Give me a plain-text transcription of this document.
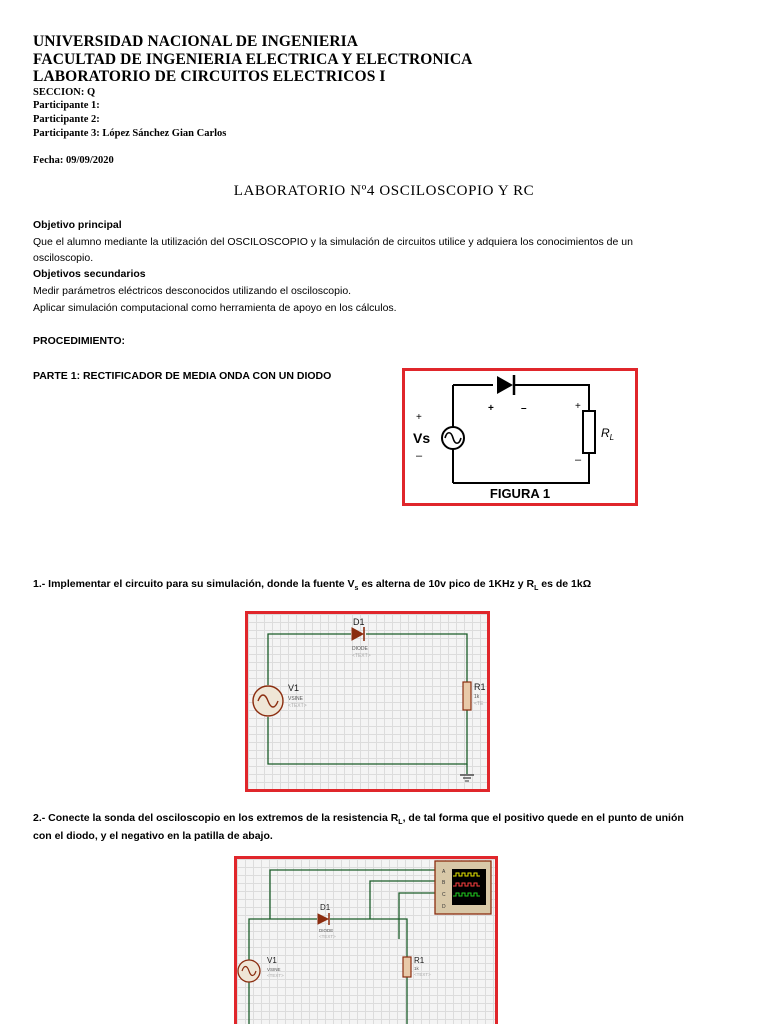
UNIVERSIDAD NACIONAL DE INGENIERIA
FACULTAD DE INGENIERIA ELECTRICA Y ELECTRONICA
LABORATORIO DE CIRCUITOS ELECTRICOS I
SECCION: Q
Participante 1:
Participante 2:
Participante 3: López Sánchez Gian Carlos
Fecha: 09/09/2020
LABORATORIO Nº4 OSCILOSCOPIO Y RC
Objetivo principal
Que el alumno mediante la utilización del OSCILOSCOPIO y la simulación de circuitos utilice y adquiera los conocimientos de un
osciloscopio.
Objetivos secundarios
Medir parámetros eléctricos desconocidos utilizando el osciloscopio.
Aplicar simulación computacional como herramienta de apoyo en los cálculos.
PROCEDIMIENTO:
PARTE 1: RECTIFICADOR DE MEDIA ONDA CON UN DIODO
+
Vs
–
+	–	+
–
$R_L$
FIGURA 1
1.- Implementar el circuito para su simulación, donde la fuente $V_s$ es alterna de 10v pico de 1KHz y $R_L$ es de 1kΩ
D1
DIODE
<TEXT>
V1
VSINE
<TEXT>
R1
1k
<TE
2.- Conecte la sonda del osciloscopio en los extremos de la resistencia $R_L$, de tal forma que el positivo quede en el punto de unión
con el diodo, y el negativo en la patilla de abajo.
A
B
C
D
D1
DIODE
<TEXT>
V1
VSINE
<TEXT>
R1
1k
<TEXT>
